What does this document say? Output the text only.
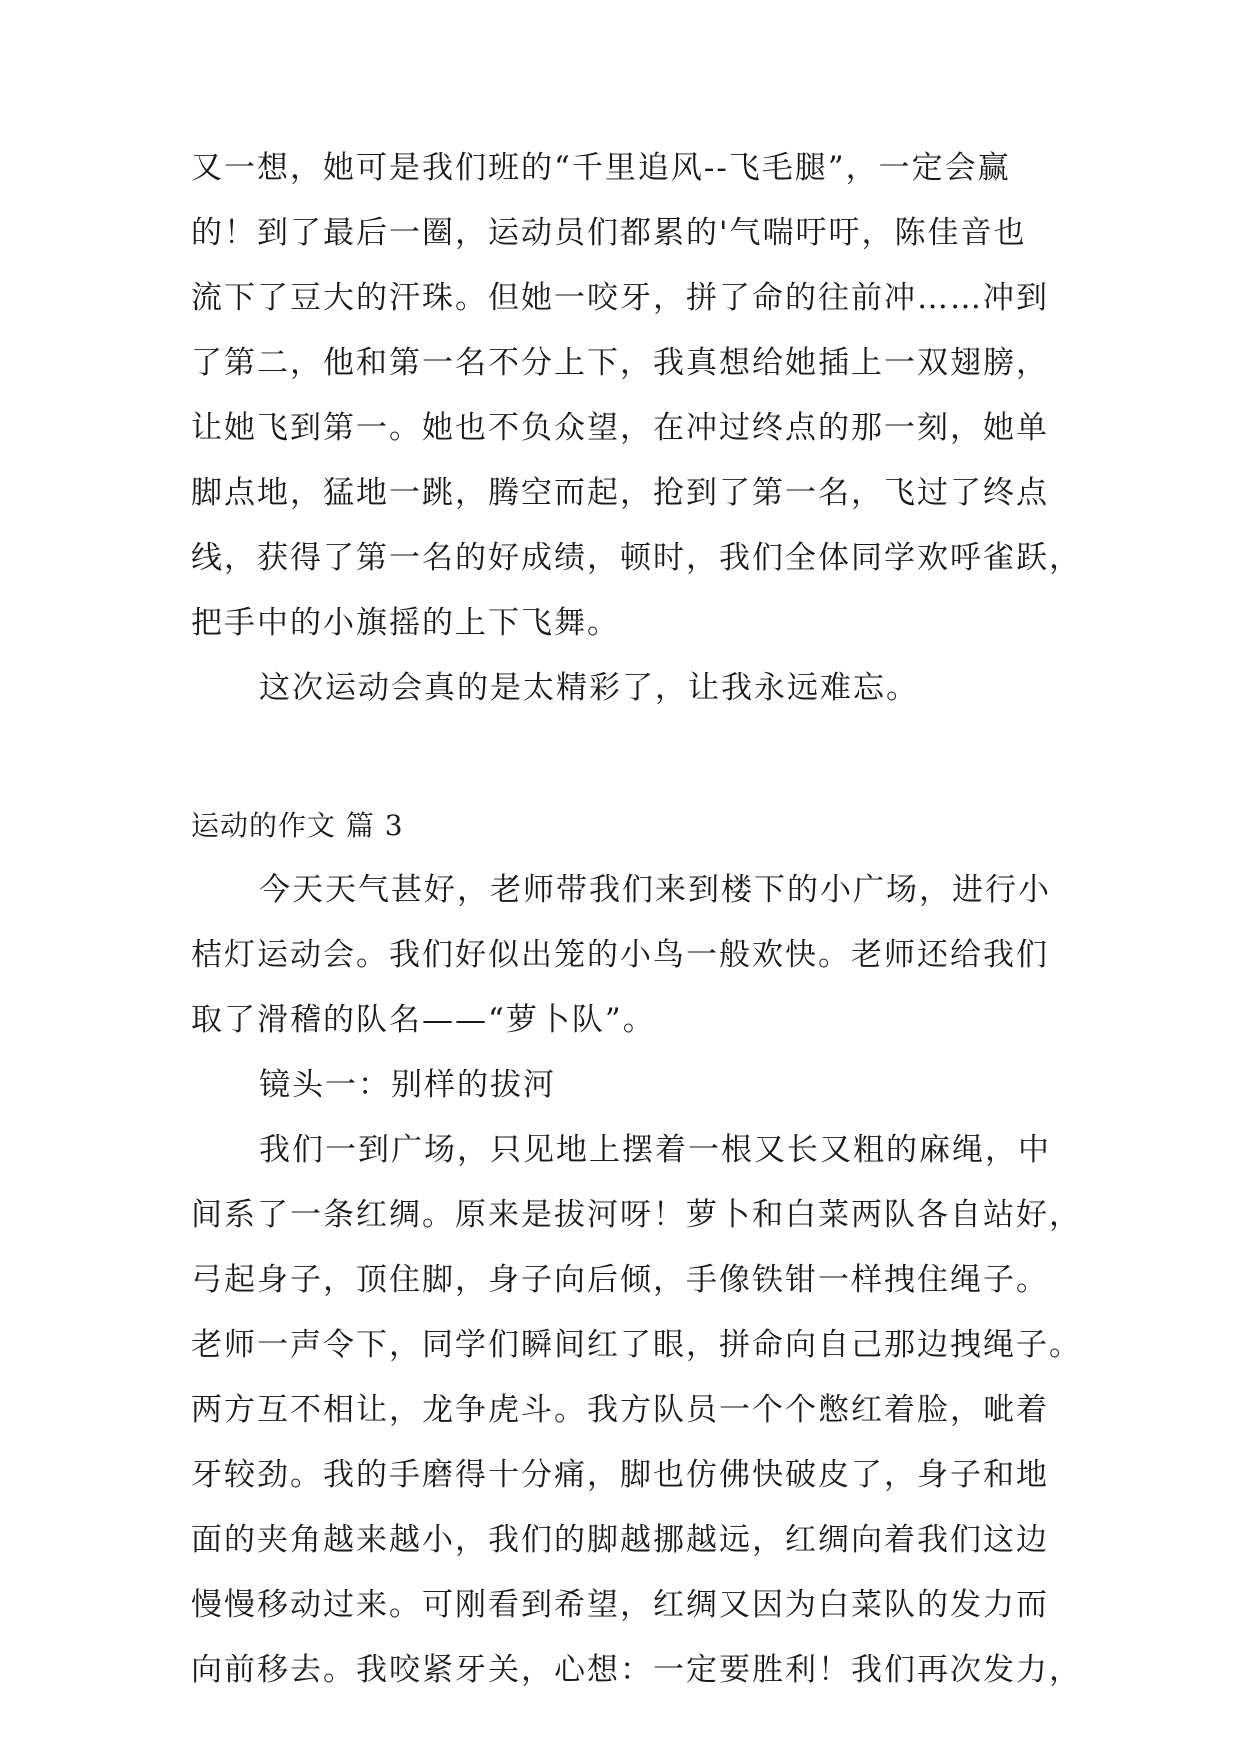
又一想，她可是我们班的“千里追风--飞毛腿”，一定会赢
的！到了最后一圈，运动员们都累的'气喘吁吁，陈佳音也
流下了豆大的汗珠。但她一咬牙，拼了命的往前冲……冲到
了第二，他和第一名不分上下，我真想给她插上一双翅膀，
让她飞到第一。她也不负众望，在冲过终点的那一刻，她单
脚点地，猛地一跳，腾空而起，抢到了第一名，飞过了终点
线，获得了第一名的好成绩，顿时，我们全体同学欢呼雀跃，
把手中的小旗摇的上下飞舞。
这次运动会真的是太精彩了，让我永远难忘。
运动的作文 篇 3
今天天气甚好，老师带我们来到楼下的小广场，进行小
桔灯运动会。我们好似出笼的小鸟一般欢快。老师还给我们
取了滑稽的队名——“萝卜队”。
镜头一：别样的拔河
我们一到广场，只见地上摆着一根又长又粗的麻绳，中
间系了一条红绸。原来是拔河呀！萝卜和白菜两队各自站好，
弓起身子，顶住脚，身子向后倾，手像铁钳一样拽住绳子。
老师一声令下，同学们瞬间红了眼，拼命向自己那边拽绳子。
两方互不相让，龙争虎斗。我方队员一个个憋红着脸，呲着
牙较劲。我的手磨得十分痛，脚也仿佛快破皮了，身子和地
面的夹角越来越小，我们的脚越挪越远，红绸向着我们这边
慢慢移动过来。可刚看到希望，红绸又因为白菜队的发力而
向前移去。我咬紧牙关，心想：一定要胜利！我们再次发力，
